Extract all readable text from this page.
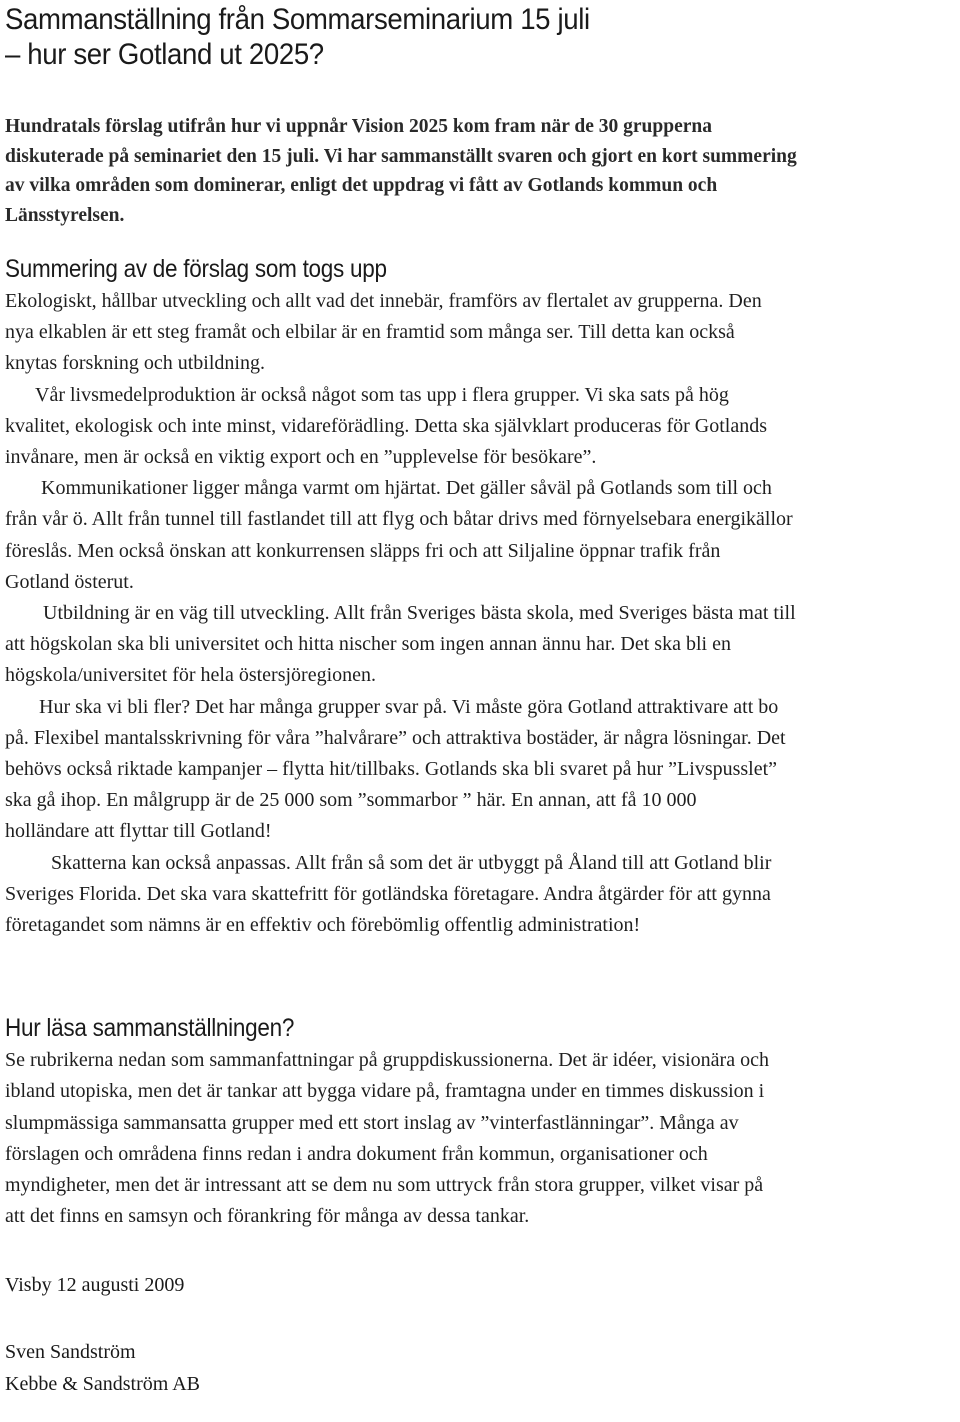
Sammanställning från Sommarseminarium 15 juli
– hur ser Gotland ut 2025?

Hundratals förslag utifrån hur vi uppnår Vision 2025 kom fram när de 30 grupperna
diskuterade på seminariet den 15 juli. Vi har sammanställt svaren och gjort en kort summering
av vilka områden som dominerar, enligt det uppdrag vi fått av Gotlands kommun och
Länsstyrelsen.

Summering av de förslag som togs upp

Ekologiskt, hållbar utveckling och allt vad det innebär, framförs av flertalet av grupperna. Den
nya elkablen är ett steg framåt och elbilar är en framtid som många ser. Till detta kan också
knytas forskning och utbildning.

Vår livsmedelproduktion är också något som tas upp i flera grupper. Vi ska sats på hög
kvalitet, ekologisk och inte minst, vidareförädling. Detta ska självklart produceras för Gotlands
invånare, men är också en viktig export och en ”upplevelse för besökare”.

Kommunikationer ligger många varmt om hjärtat. Det gäller såväl på Gotlands som till och
från vår ö. Allt från tunnel till fastlandet till att flyg och båtar drivs med förnyelsebara energikällor
föreslås. Men också önskan att konkurrensen släpps fri och att Siljaline öppnar trafik från
Gotland österut.

Utbildning är en väg till utveckling. Allt från Sveriges bästa skola, med Sveriges bästa mat till
att högskolan ska bli universitet och hitta nischer som ingen annan ännu har. Det ska bli en
högskola/universitet för hela östersjöregionen.

Hur ska vi bli fler? Det har många grupper svar på. Vi måste göra Gotland attraktivare att bo
på. Flexibel mantalsskrivning för våra ”halvårare” och attraktiva bostäder, är några lösningar. Det
behövs också riktade kampanjer – flytta hit/tillbaks. Gotlands ska bli svaret på hur ”Livspusslet”
ska gå ihop. En målgrupp är de 25 000 som ”sommarbor ” här. En annan, att få 10 000
holländare att flyttar till Gotland!

Skatterna kan också anpassas. Allt från så som det är utbyggt på Åland till att Gotland blir
Sveriges Florida. Det ska vara skattefritt för gotländska företagare. Andra åtgärder för att gynna
företagandet som nämns är en effektiv och förebömlig offentlig administration!

Hur läsa sammanställningen?

Se rubrikerna nedan som sammanfattningar på gruppdiskussionerna. Det är idéer, visionära och
ibland utopiska, men det är tankar att bygga vidare på, framtagna under en timmes diskussion i
slumpmässiga sammansatta grupper med ett stort inslag av ”vinterfastlänningar”. Många av
förslagen och områdena finns redan i andra dokument från kommun, organisationer och
myndigheter, men det är intressant att se dem nu som uttryck från stora grupper, vilket visar på
att det finns en samsyn och förankring för många av dessa tankar.

Visby 12 augusti 2009

Sven Sandström
Kebbe & Sandström AB
